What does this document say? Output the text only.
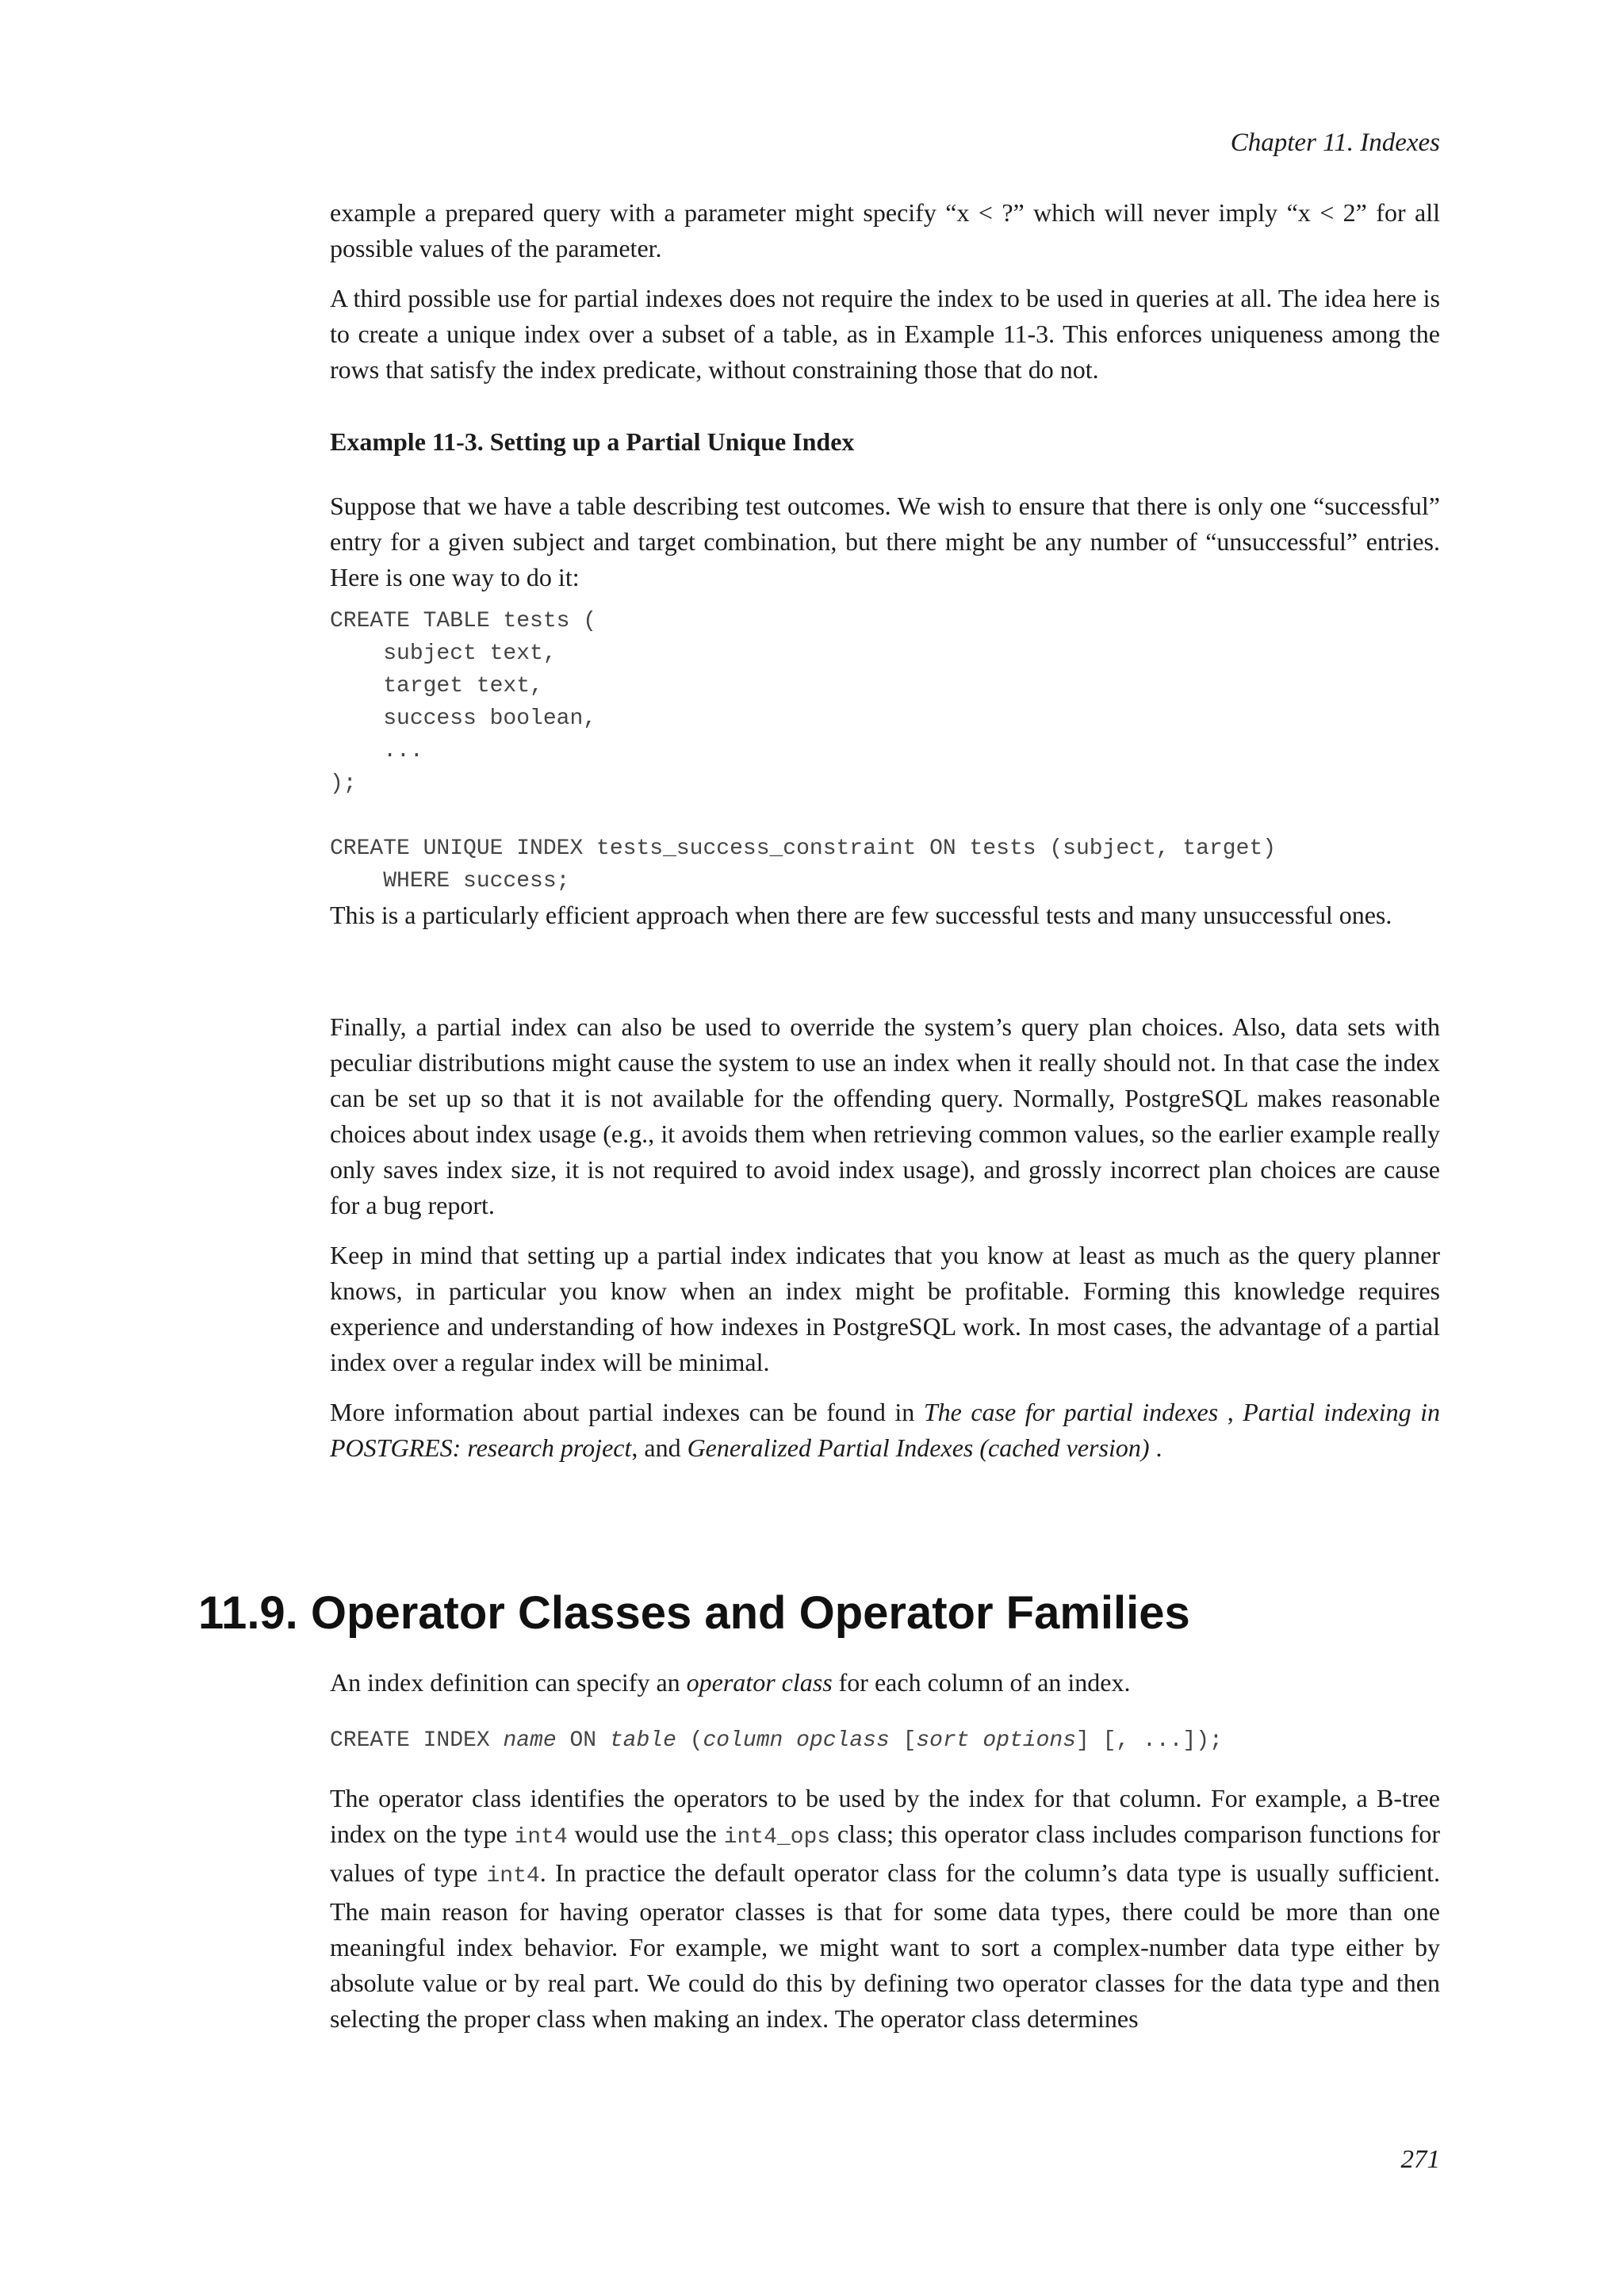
Chapter 11. Indexes

example a prepared query with a parameter might specify “x < ?” which will never imply “x < 2” for all possible values of the parameter.

A third possible use for partial indexes does not require the index to be used in queries at all. The idea here is to create a unique index over a subset of a table, as in Example 11-3. This enforces uniqueness among the rows that satisfy the index predicate, without constraining those that do not.

Example 11-3. Setting up a Partial Unique Index

Suppose that we have a table describing test outcomes. We wish to ensure that there is only one “successful” entry for a given subject and target combination, but there might be any number of “unsuccessful” entries. Here is one way to do it:

CREATE TABLE tests (
subject text,
target text,
success boolean,
...
);

CREATE UNIQUE INDEX tests_success_constraint ON tests (subject, target)
WHERE success;

This is a particularly efficient approach when there are few successful tests and many unsuccessful ones.

Finally, a partial index can also be used to override the system’s query plan choices. Also, data sets with peculiar distributions might cause the system to use an index when it really should not. In that case the index can be set up so that it is not available for the offending query. Normally, PostgreSQL makes reasonable choices about index usage (e.g., it avoids them when retrieving common values, so the earlier example really only saves index size, it is not required to avoid index usage), and grossly incorrect plan choices are cause for a bug report.

Keep in mind that setting up a partial index indicates that you know at least as much as the query planner knows, in particular you know when an index might be profitable. Forming this knowledge requires experience and understanding of how indexes in PostgreSQL work. In most cases, the advantage of a partial index over a regular index will be minimal.

More information about partial indexes can be found in The case for partial indexes , Partial indexing in POSTGRES: research project, and Generalized Partial Indexes (cached version) .

11.9. Operator Classes and Operator Families

An index definition can specify an operator class for each column of an index.

CREATE INDEX name ON table (column opclass [sort options] [, ...]);

The operator class identifies the operators to be used by the index for that column. For example, a B-tree index on the type int4 would use the int4_ops class; this operator class includes comparison functions for values of type int4. In practice the default operator class for the column’s data type is usually sufficient. The main reason for having operator classes is that for some data types, there could be more than one meaningful index behavior. For example, we might want to sort a complex-number data type either by absolute value or by real part. We could do this by defining two operator classes for the data type and then selecting the proper class when making an index. The operator class determines

271
